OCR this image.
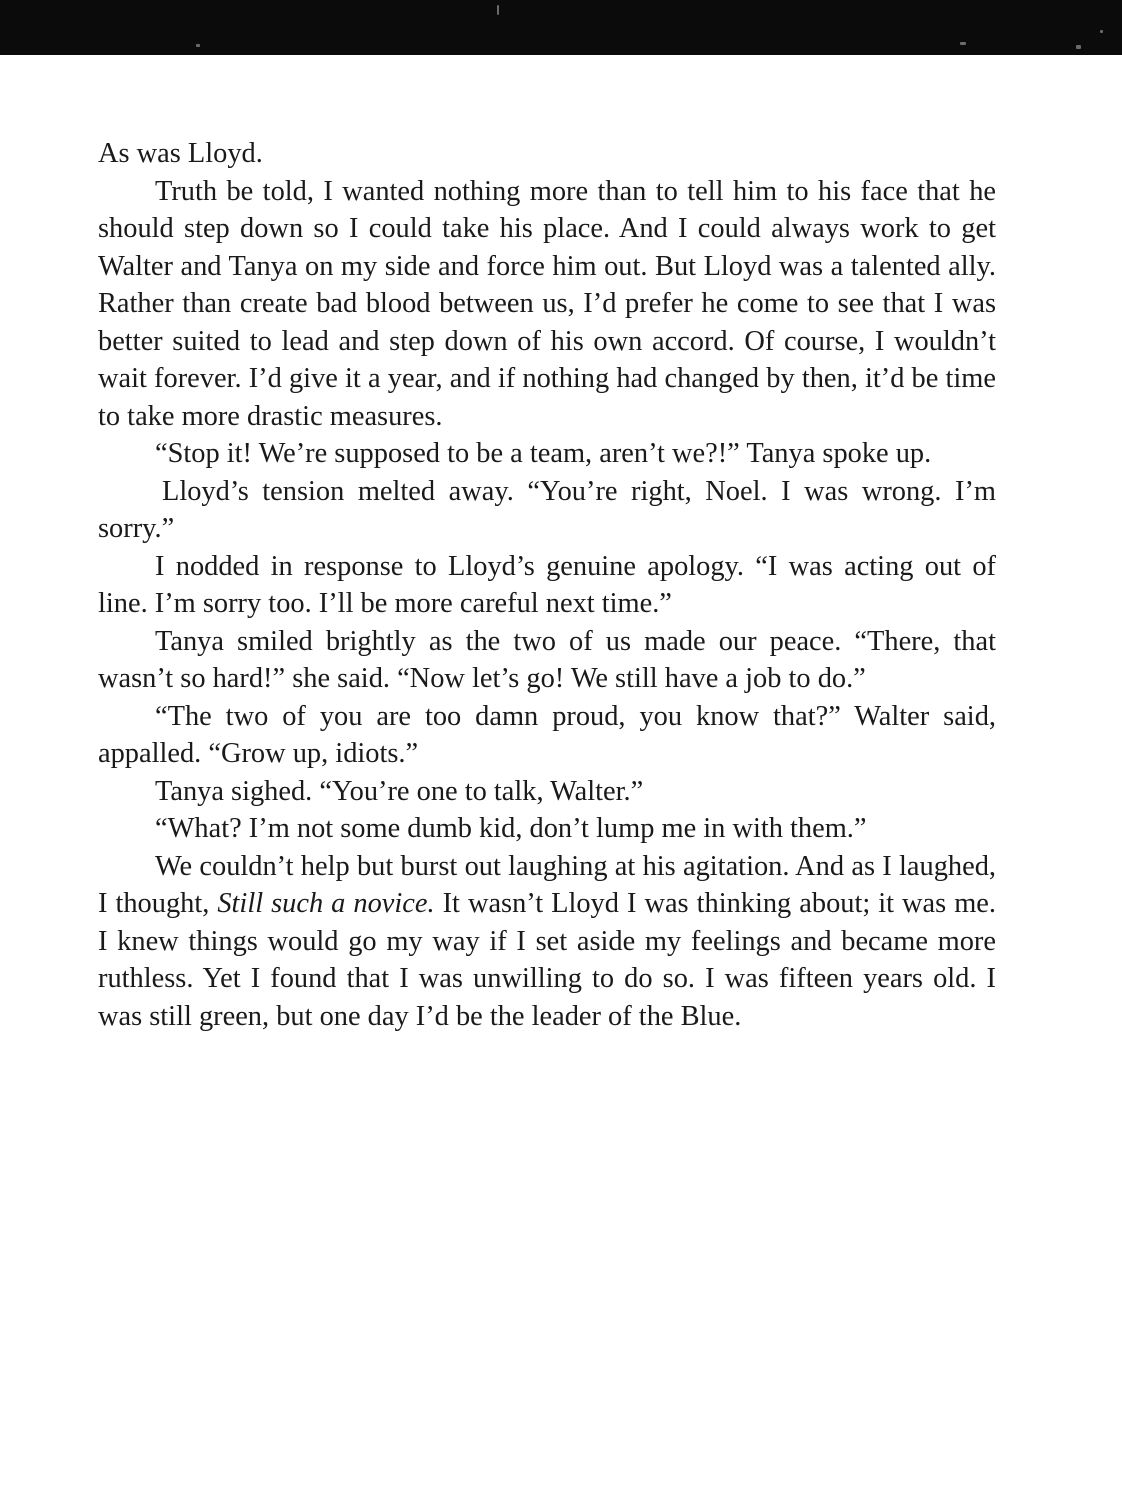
As was Lloyd.

Truth be told, I wanted nothing more than to tell him to his face that he should step down so I could take his place. And I could always work to get Walter and Tanya on my side and force him out. But Lloyd was a talented ally. Rather than create bad blood between us, I’d prefer he come to see that I was better suited to lead and step down of his own accord. Of course, I wouldn’t wait forever. I’d give it a year, and if nothing had changed by then, it’d be time to take more drastic measures.

“Stop it! We’re supposed to be a team, aren’t we?!” Tanya spoke up.

Lloyd’s tension melted away. “You’re right, Noel. I was wrong. I’m sorry.”

I nodded in response to Lloyd’s genuine apology. “I was acting out of line. I’m sorry too. I’ll be more careful next time.”

Tanya smiled brightly as the two of us made our peace. “There, that wasn’t so hard!” she said. “Now let’s go! We still have a job to do.”

“The two of you are too damn proud, you know that?” Walter said, appalled. “Grow up, idiots.”

Tanya sighed. “You’re one to talk, Walter.”

“What? I’m not some dumb kid, don’t lump me in with them.”

We couldn’t help but burst out laughing at his agitation. And as I laughed, I thought, Still such a novice. It wasn’t Lloyd I was thinking about; it was me. I knew things would go my way if I set aside my feelings and became more ruthless. Yet I found that I was unwilling to do so. I was fifteen years old. I was still green, but one day I’d be the leader of the Blue.
